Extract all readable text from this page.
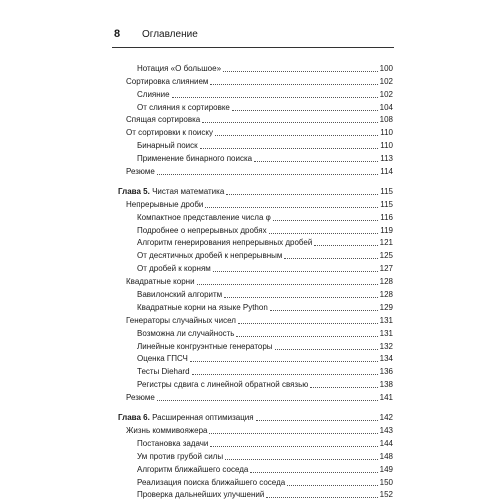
8	Оглавление
Нотация «О большое»	100
Сортировка слиянием	102
Слияние	102
От слияния к сортировке	104
Спящая сортировка	108
От сортировки к поиску	110
Бинарный поиск	110
Применение бинарного поиска	113
Резюме	114
Глава 5. Чистая математика	115
Непрерывные дроби	115
Компактное представление числа φ	116
Подробнее о непрерывных дробях	119
Алгоритм генерирования непрерывных дробей	121
От десятичных дробей к непрерывным	125
От дробей к корням	127
Квадратные корни	128
Вавилонский алгоритм	128
Квадратные корни на языке Python	129
Генераторы случайных чисел	131
Возможна ли случайность	131
Линейные конгруэнтные генераторы	132
Оценка ГПСЧ	134
Тесты Diehard	136
Регистры сдвига с линейной обратной связью	138
Резюме	141
Глава 6. Расширенная оптимизация	142
Жизнь коммивояжера	143
Постановка задачи	144
Ум против грубой силы	148
Алгоритм ближайшего соседа	149
Реализация поиска ближайшего соседа	150
Проверка дальнейших улучшений	152
